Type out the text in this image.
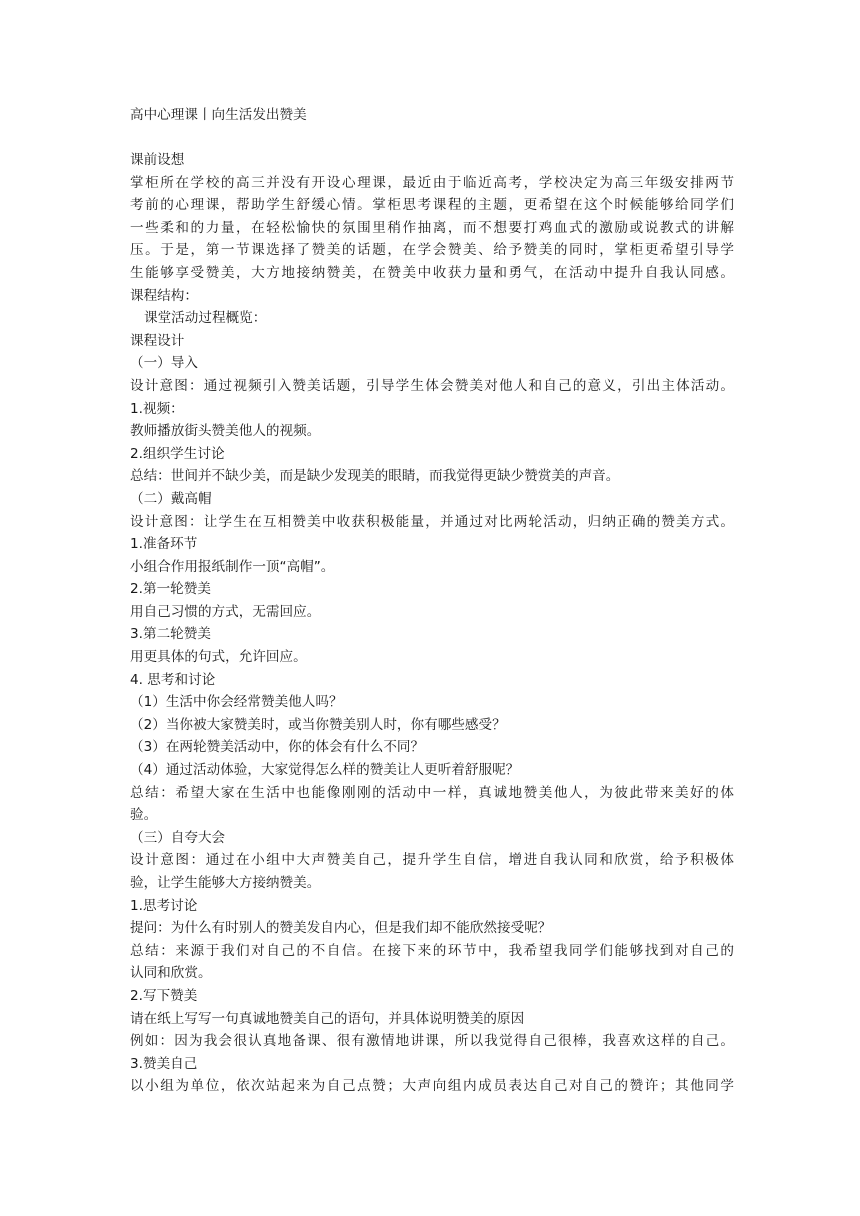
高中心理课丨向生活发出赞美
课前设想
掌柜所在学校的高三并没有开设心理课，最近由于临近高考，学校决定为高三年级安排两节
考前的心理课，帮助学生舒缓心情。掌柜思考课程的主题，更希望在这个时候能够给同学们
一些柔和的力量，在轻松愉快的氛围里稍作抽离，而不想要打鸡血式的激励或说教式的讲解
压。于是，第一节课选择了赞美的话题，在学会赞美、给予赞美的同时，掌柜更希望引导学
生能够享受赞美，大方地接纳赞美，在赞美中收获力量和勇气，在活动中提升自我认同感。
课程结构：
课堂活动过程概览：
课程设计
（一）导入
设计意图：通过视频引入赞美话题，引导学生体会赞美对他人和自己的意义，引出主体活动。
1.视频：
教师播放街头赞美他人的视频。
2.组织学生讨论
总结：世间并不缺少美，而是缺少发现美的眼睛，而我觉得更缺少赞赏美的声音。
（二）戴高帽
设计意图：让学生在互相赞美中收获积极能量，并通过对比两轮活动，归纳正确的赞美方式。
1.准备环节
小组合作用报纸制作一顶“高帽”。
2.第一轮赞美
用自己习惯的方式，无需回应。
3.第二轮赞美
用更具体的句式，允许回应。
4. 思考和讨论
（1）生活中你会经常赞美他人吗？
（2）当你被大家赞美时，或当你赞美别人时，你有哪些感受？
（3）在两轮赞美活动中，你的体会有什么不同？
（4）通过活动体验，大家觉得怎么样的赞美让人更听着舒服呢？
总结：希望大家在生活中也能像刚刚的活动中一样，真诚地赞美他人，为彼此带来美好的体
验。
（三）自夸大会
设计意图：通过在小组中大声赞美自己，提升学生自信，增进自我认同和欣赏，给予积极体
验，让学生能够大方接纳赞美。
1.思考讨论
提问：为什么有时别人的赞美发自内心，但是我们却不能欣然接受呢？
总结：来源于我们对自己的不自信。在接下来的环节中，我希望我同学们能够找到对自己的
认同和欣赏。
2.写下赞美
请在纸上写写一句真诚地赞美自己的语句，并具体说明赞美的原因
例如：因为我会很认真地备课、很有激情地讲课，所以我觉得自己很棒，我喜欢这样的自己。
3.赞美自己
以小组为单位，依次站起来为自己点赞；大声向组内成员表达自己对自己的赞许；其他同学
